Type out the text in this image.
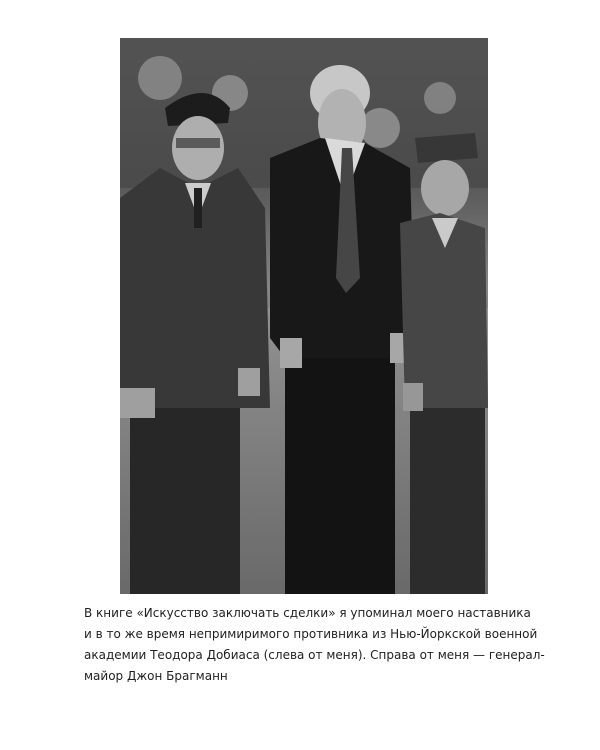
В книге «Искусство заключать сделки» я упоминал моего наставника
и в то же время непримиримого противника из Нью-Йоркской военной
академии Теодора Добиаса (слева от меня). Справа от меня — генерал-
майор Джон Брагманн
